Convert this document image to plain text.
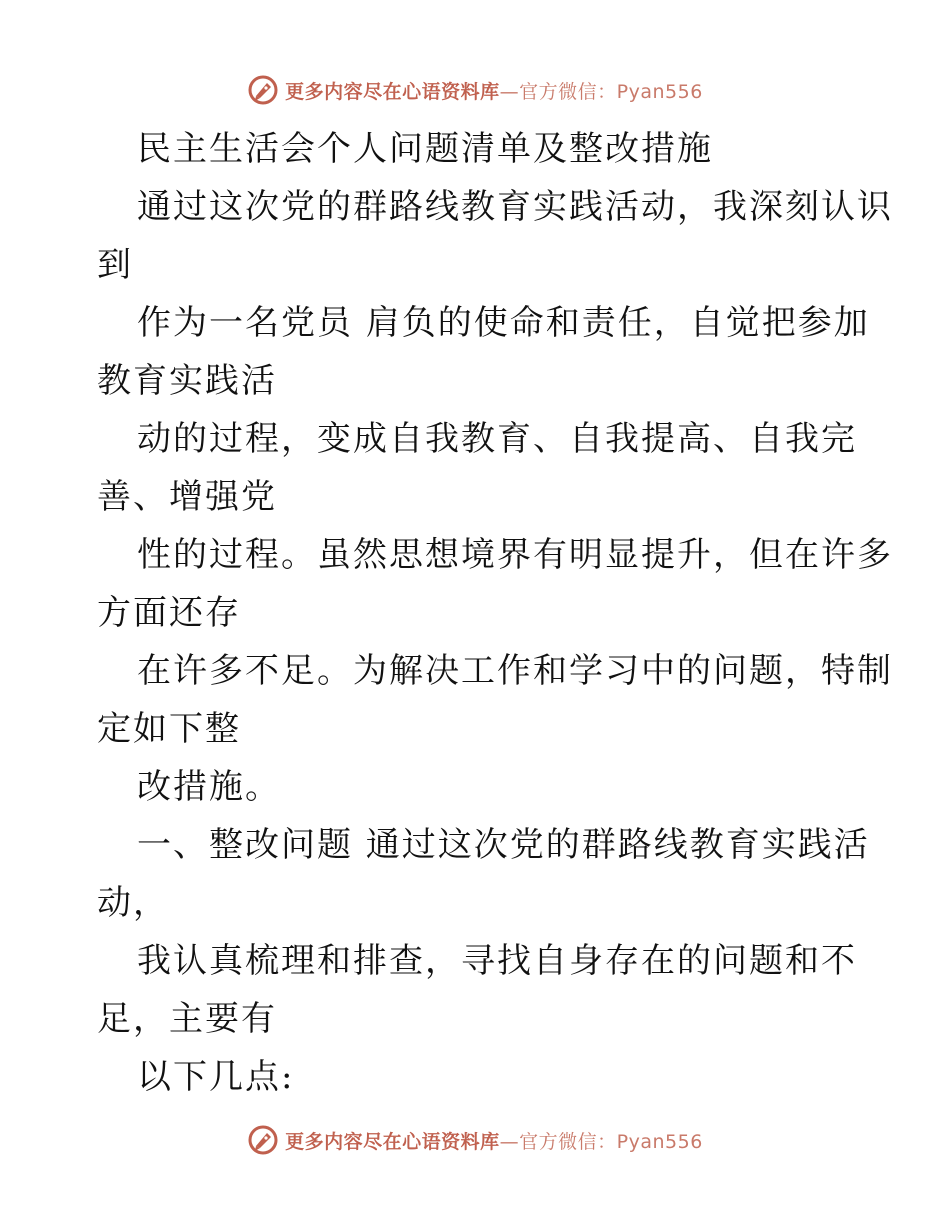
更多内容尽在心语资料库—官方微信：Pyan556
民主生活会个人问题清单及整改措施
通过这次党的群路线教育实践活动，我深刻认识
到
作为一名党员 肩负的使命和责任，自觉把参加
教育实践活
动的过程，变成自我教育、自我提高、自我完
善、增强党
性的过程。虽然思想境界有明显提升，但在许多
方面还存
在许多不足。为解决工作和学习中的问题，特制
定如下整
改措施。
一、整改问题 通过这次党的群路线教育实践活
动，
我认真梳理和排查，寻找自身存在的问题和不
足，主要有
以下几点:
更多内容尽在心语资料库—官方微信：Pyan556
